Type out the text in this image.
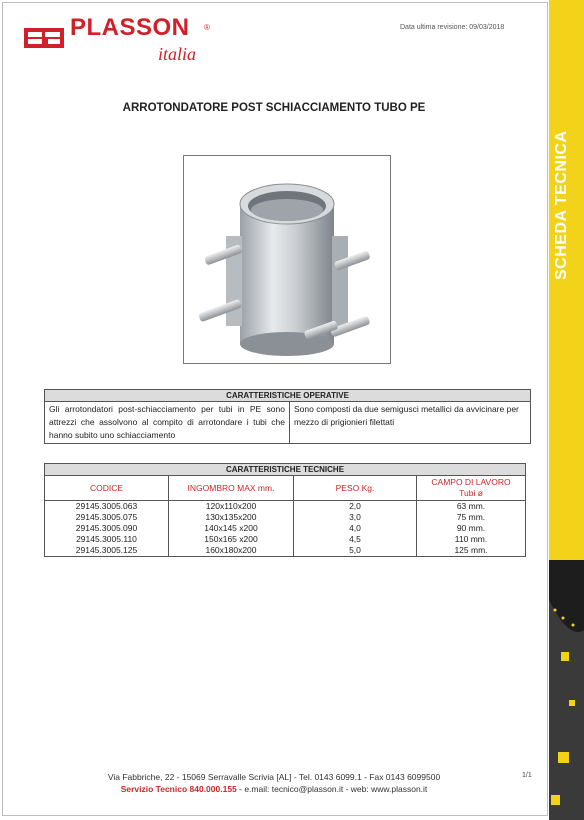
PLASSON ®
italia
Data ultima revisione: 09/03/2018
ARROTONDATORE POST SCHIACCIAMENTO TUBO PE
CARATTERISTICHE OPERATIVE
Gli arrotondatori post-schiacciamento per tubi in PE sono attrezzi che assolvono al compito di arrotondare i tubi che hanno subito uno schiacciamento	Sono composti da due semigusci metallici da avvicinare per mezzo di prigionieri filettati
CARATTERISTICHE TECNICHE			
CODICE	INGOMBRO MAX mm.	PESO Kg.	CAMPO DI LAVORO
Tubi ø
29145.3005.063	120x110x200	2,0	63 mm.
29145.3005.075	130x135x200	3,0	75 mm.
29145.3005.090	140x145 x200	4,0	90 mm.
29145.3005.110	150x165 x200	4,5	110 mm.
29145.3005.125	160x180x200	5,0	125 mm.
Via Fabbriche, 22 - 15069 Serravalle Scrivia [AL] - Tel. 0143 6099.1 - Fax 0143 6099500
Servizio Tecnico 840.000.155 - e.mail: tecnico@plasson.it - web: www.plasson.it
1/1
